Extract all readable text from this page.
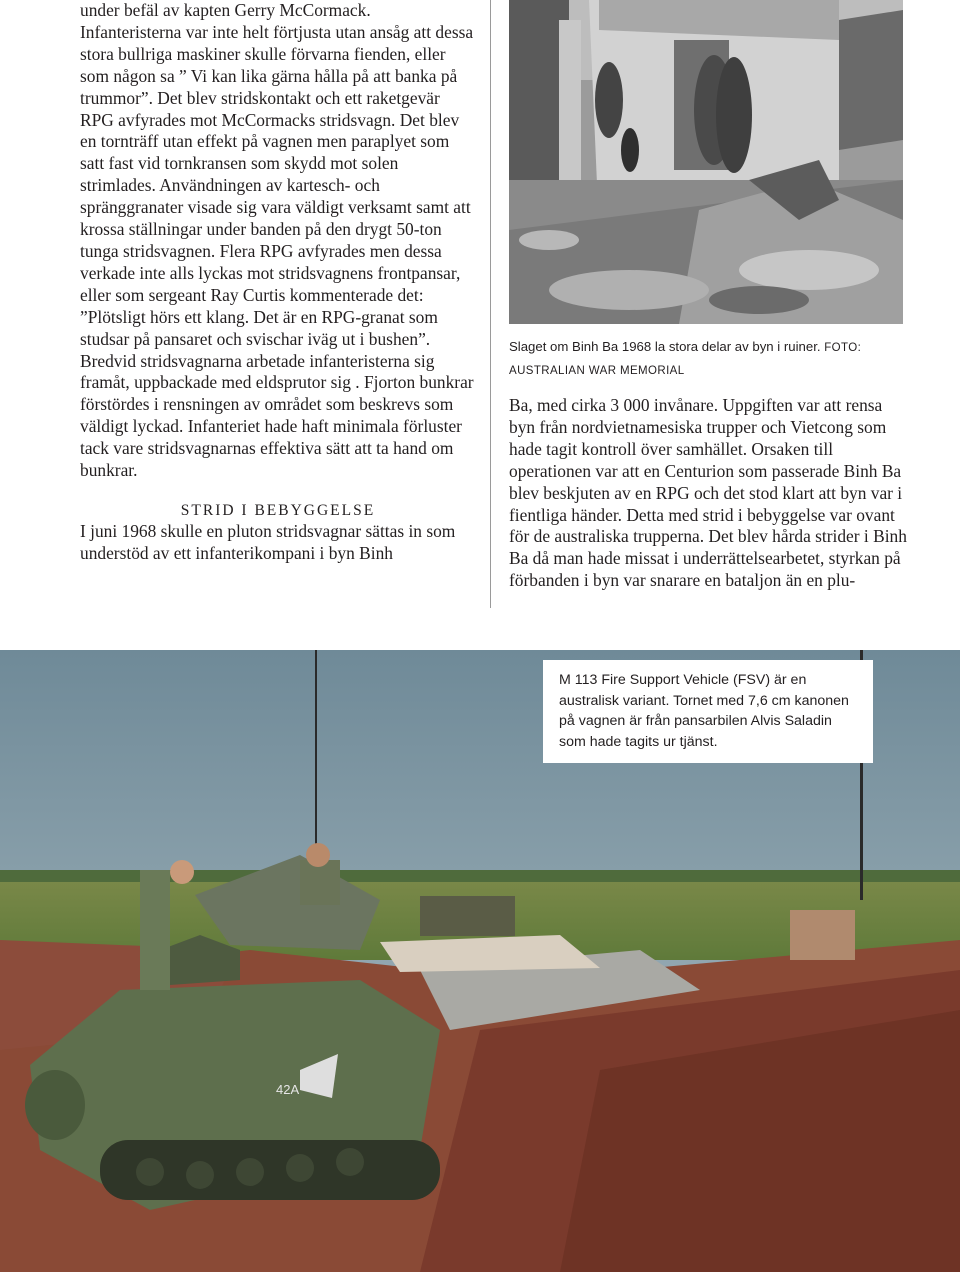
under befäl av kapten Gerry McCormack. Infanteristerna var inte helt förtjusta utan ansåg att dessa stora bullriga maskiner skulle förvarna fienden, eller som någon sa ” Vi kan lika gärna hålla på att banka på trummor”. Det blev stridskontakt och ett raketgevär RPG avfyrades mot McCormacks stridsvagn. Det blev en tornträff utan effekt på vagnen men paraplyet som satt fast vid tornkransen som skydd mot solen strimlades. Användningen av kartesch- och spränggranater visade sig vara väldigt verksamt samt att krossa ställningar under banden på den drygt 50-ton tunga stridsvagnen. Flera RPG avfyrades men dessa verkade inte alls lyckas mot stridsvagnens frontpansar, eller som sergeant Ray Curtis kommenterade det: ”Plötsligt hörs ett klang. Det är en RPG-granat som studsar på pansaret och svischar iväg ut i bushen”. Bredvid stridsvagnarna arbetade infanteristerna sig framåt, uppbackade med eldsprutor sig . Fjorton bunkrar förstördes i rensningen av området som beskrevs som väldigt lyckad. Infanteriet hade haft minimala förluster tack vare stridsvagnarnas effektiva sätt att ta hand om bunkrar.

STRID I BEBYGGELSE

I juni 1968 skulle en pluton stridsvagnar sättas in som understöd av ett infanterikompani i byn Binh

Slaget om Binh Ba 1968 la stora delar av byn i ruiner. FOTO: AUSTRALIAN WAR MEMORIAL

Ba, med cirka 3 000 invånare. Uppgiften var att rensa byn från nordvietnamesiska trupper och Vietcong som hade tagit kontroll över samhället. Orsaken till operationen var att en Centurion som passerade Binh Ba blev beskjuten av en RPG och det stod klart att byn var i fientliga händer. Detta med strid i bebyggelse var ovant för de australiska trupperna. Det blev hårda strider i Binh Ba då man hade missat i underrättelsearbetet, styrkan på förbanden i byn var snarare en bataljon än en plu-

42A
M 113 Fire Support Vehicle (FSV) är en australisk variant. Tornet med 7,6 cm kanonen på vagnen är från pansarbilen Alvis Saladin som hade tagits ur tjänst.
